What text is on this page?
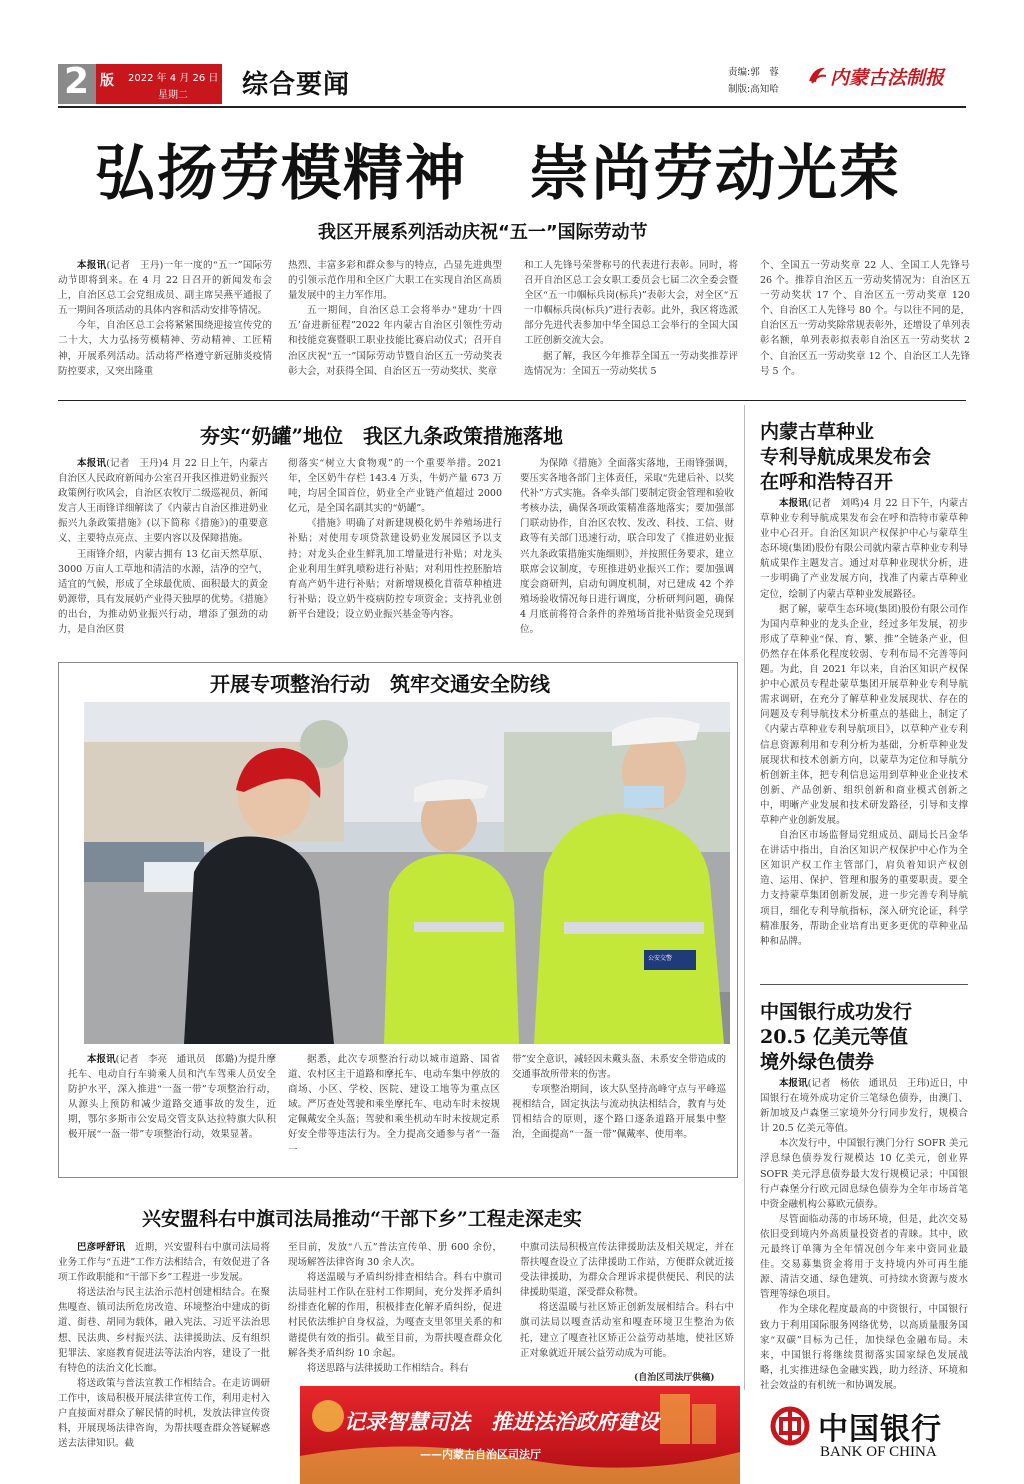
2 版 2022 年 4 月 26 日
星期二 综合要闻	责编:郭　蓉
制版:高知哈
内蒙古法制报
弘扬劳模精神　崇尚劳动光荣
我区开展系列活动庆祝“五一”国际劳动节

本报讯(记者　王丹)一年一度的“五一”国际劳动节即将到来。在 4 月 22 日召开的新闻发布会上，自治区总工会党组成员、副主席吴燕平通报了五一期间各项活动的具体内容和活动安排等情况。

今年，自治区总工会将紧紧围绕迎接宣传党的二十大，大力弘扬劳模精神、劳动精神、工匠精神，开展系列活动。活动将严格遵守新冠肺炎疫情防控要求，又突出隆重

热烈、丰富多彩和群众参与的特点，凸显先进典型的引领示范作用和全区广大职工在实现自治区高质量发展中的主力军作用。

五一期间，自治区总工会将举办“建功‘十四五’奋进新征程”2022 年内蒙古自治区引领性劳动和技能竞赛暨职工职业技能比赛启动仪式；召开自治区庆祝“五一”国际劳动节暨自治区五一劳动奖表彰大会，对获得全国、自治区五一劳动奖状、奖章

和工人先锋号荣誉称号的代表进行表彰。同时，将召开自治区总工会女职工委员会七届二次全委会暨全区“五一巾帼标兵岗(标兵)”表彰大会，对全区“五一巾帼标兵岗(标兵)”进行表彰。此外，我区将选派部分先进代表参加中华全国总工会举行的全国大国工匠创新交流大会。

据了解，我区今年推荐全国五一劳动奖推荐评选情况为：全国五一劳动奖状 5

个、全国五一劳动奖章 22 人、全国工人先锋号 26 个。推荐自治区五一劳动奖情况为：自治区五一劳动奖状 17 个、自治区五一劳动奖章 120 个、自治区工人先锋号 80 个。与以往不同的是，自治区五一劳动奖除常规表彰外，还增设了单列表彰名额，单列表彰拟表彰自治区五一劳动奖状 2 个、自治区五一劳动奖章 12 个、自治区工人先锋号 5 个。

夯实“奶罐”地位　我区九条政策措施落地

本报讯(记者　王丹)4 月 22 日上午，内蒙古自治区人民政府新闻办公室召开我区推进奶业振兴政策例行吹风会，自治区农牧厅二级巡视员、新闻发言人王雨锋详细解读了《内蒙古自治区推进奶业振兴九条政策措施》(以下简称《措施》)的重要意义、主要特点亮点、主要内容以及保障措施。

王雨锋介绍，内蒙古拥有 13 亿亩天然草原、3000 万亩人工草地和清洁的水源，洁净的空气，适宜的气候，形成了全球最优质、面积最大的黄金奶源带，具有发展奶产业得天独厚的优势。《措施》的出台，为推动奶业振兴行动，增添了强劲的动力，是自治区贯

彻落实“树立大食物观”的一个重要举措。2021 年，全区奶牛存栏 143.4 万头，牛奶产量 673 万吨，均居全国首位，奶业全产业链产值超过 2000 亿元，是全国名副其实的“奶罐”。

《措施》明确了对新建规模化奶牛养殖场进行补贴；对使用专项贷款建设奶业发展园区予以支持；对龙头企业生鲜乳加工增量进行补贴；对龙头企业利用生鲜乳喷粉进行补贴；对利用性控胚胎培育高产奶牛进行补贴；对新增规模化苜蓿草种植进行补贴；设立奶牛疫病防控专项资金；支持乳业创新平台建设；设立奶业振兴基金等内容。

为保障《措施》全面落实落地，王雨锋强调，要压实各地各部门主体责任，采取“先建后补、以奖代补”方式实施。各牵头部门要制定资金管理和验收考核办法，确保各项政策精准落地落实；要加强部门联动协作，自治区农牧、发改、科技、工信、财政等有关部门迅速行动，联合印发了《推进奶业振兴九条政策措施实施细则》，并按照任务要求，建立联席会议制度，专班推进奶业振兴工作；要加强调度会商研判，启动旬调度机制，对已建成 42 个养殖场验收情况每日进行调度，分析研判问题，确保 4 月底前将符合条件的养殖场首批补贴资金兑现到位。

内蒙古草种业
专利导航成果发布会
在呼和浩特召开

本报讯(记者　刘鸣)4 月 22 日下午，内蒙古草种业专利导航成果发布会在呼和浩特市蒙草种业中心召开。自治区知识产权保护中心与蒙草生态环境(集团)股份有限公司就内蒙古草种业专利导航成果作主题发言。通过对草种业现状分析，进一步明确了产业发展方向，找准了内蒙古草种业定位，绘制了内蒙古草种业发展路径。

据了解，蒙草生态环境(集团)股份有限公司作为国内草种业的龙头企业，经过多年发展，初步形成了草种业“保、育、繁、推”全链条产业，但仍然存在体系化程度较弱、专利布局不完善等问题。为此，自 2021 年以来，自治区知识产权保护中心派员专程赴蒙草集团开展草种业专利导航需求调研，在充分了解草种业发展现状、存在的问题及专利导航技术分析重点的基础上，制定了《内蒙古草种业专利导航项目》，以草种产业专利信息资源利用和专利分析为基础，分析草种业发展现状和技术创新方向，以蒙草为定位和导航分析创新主体，把专利信息运用到草种业企业技术创新、产品创新、组织创新和商业模式创新之中，明晰产业发展和技术研发路径，引导和支撑草种产业创新发展。

自治区市场监督局党组成员、副局长吕金华在讲话中指出，自治区知识产权保护中心作为全区知识产权工作主管部门，肩负着知识产权创造、运用、保护、管理和服务的重要职责。要全力支持蒙草集团创新发展，进一步完善专利导航项目，细化专利导航指标，深入研究论证，科学精准服务，帮助企业培育出更多更优的草种业品种和品牌。

中国银行成功发行
20.5 亿美元等值
境外绿色债券

本报讯(记者　杨依　通讯员　王玮)近日，中国银行在境外成功定价三笔绿色债券，由澳门、新加坡及卢森堡三家境外分行同步发行，规模合计 20.5 亿美元等值。

本次发行中，中国银行澳门分行 SOFR 美元浮息绿色债券发行规模达 10 亿美元，创业界 SOFR 美元浮息债券最大发行规模记录；中国银行卢森堡分行欧元固息绿色债券为全年市场首笔中资金融机构公募欧元债券。

尽管面临动荡的市场环境，但是，此次交易依旧受到境内外高质量投资者的青睐。其中，欧元最终订单簿为全年情况创今年来中资同业最佳。交易募集资金将用于支持境内外可再生能源、清洁交通、绿色建筑、可持续水资源与废水管理等绿色项目。

作为全球化程度最高的中资银行，中国银行致力于利用国际服务网络优势，以高质量服务国家“双碳”目标为己任，加快绿色金融布局。未来，中国银行将继续贯彻落实国家绿色发展战略，扎实推进绿色金融实践，助力经济、环境和社会效益的有机统一和协调发展。

开展专项整治行动　筑牢交通安全防线
公安交警

本报讯(记者　李亮　通讯员　郎璐)为提升摩托车、电动自行车骑乘人员和汽车驾乘人员安全防护水平，深入推进“一盔一带”专项整治行动，从源头上预防和减少道路交通事故的发生，近期，鄂尔多斯市公安局交管支队达拉特旗大队积极开展“一盔一带”专项整治行动，效果显著。

据悉，此次专项整治行动以城市道路、国省道、农村区主干道路和摩托车、电动车集中停放的商场、小区、学校、医院、建设工地等为重点区域。严厉查处驾驶和乘坐摩托车、电动车时未按规定佩戴安全头盔；驾驶和乘坐机动车时未按规定系好安全带等违法行为。全力提高交通参与者“一盔一

带”安全意识，减轻因未戴头盔、未系安全带造成的交通事故所带来的伤害。

专项整治期间，该大队坚持高峰守点与平峰巡视相结合，固定执法与流动执法相结合，教育与处罚相结合的原则，逐个路口逐条道路开展集中整治，全面提高“一盔一带”佩戴率、使用率。

兴安盟科右中旗司法局推动“干部下乡”工程走深走实

巴彦呼舒讯　 近期，兴安盟科右中旗司法局将业务工作与“五进”工作方法相结合，有效促进了各项工作政职能和“干部下乡”工程进一步发展。

将送法治与民主法治示范村创建相结合。在聚焦嘎查、镇司法所危房改造、环境整治中建成的街道、街巷、胡同为载体，融入宪法、习近平法治思想、民法典、乡村振兴法、法律援助法、反有组织犯罪法、家庭教育促进法等法治内容，建设了一批有特色的法治文化长廊。

将送政策与普法宣教工作相结合。在走访调研工作中，该局积极开展法律宣传工作，利用走村入户直接面对群众了解民情的时机，发放法律宣传资料，开展现场法律咨询，为帮扶嘎查群众答疑解惑送去法律知识。截

至目前，发放“八五”普法宣传单、册 600 余份，现场解答法律咨询 30 余人次。

将送温暖与矛盾纠纷排查相结合。科右中旗司法局驻村工作队在驻村工作期间，充分发挥矛盾纠纷排查化解的作用，积极排查化解矛盾纠纷，促进村民依法维护自身权益，为嘎查支里邻里关系的和谐提供有效的指引。截至目前，为帮扶嘎查群众化解各类矛盾纠纷 10 余起。

将送思路与法律援助工作相结合。科右

中旗司法局积极宣传法律援助法及相关规定，并在帮扶嘎查设立了法律援助工作站，方便群众就近接受法律援助，为群众合理诉求提供便民、利民的法律援助渠道，深受群众称赞。

将送温暖与社区矫正创新发展相结合。科右中旗司法局以嘎查活动室和嘎查环境卫生整治为依托，建立了嘎查社区矫正公益劳动基地，使社区矫正对象就近开展公益劳动成为可能。

(自治区司法厅供稿)
记录智慧司法　推进法治政府建设
——内蒙古自治区司法厅
中国银行
BANK OF CHINA
